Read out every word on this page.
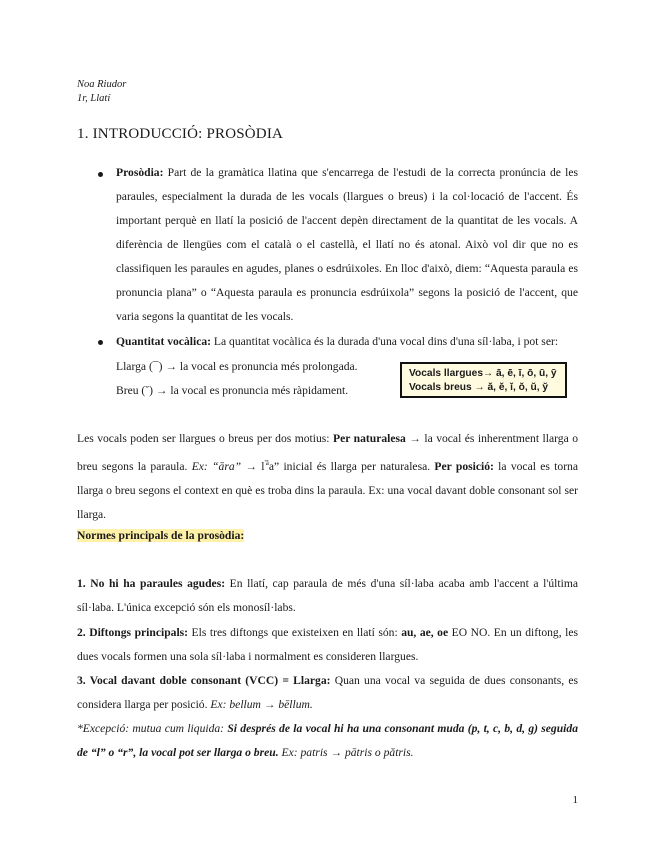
Noa Riudor
1r, Llatí
1. INTRODUCCIÓ: PROSÒDIA
Prosòdia: Part de la gramàtica llatina que s'encarrega de l'estudi de la correcta pronúncia de les paraules, especialment la durada de les vocals (llargues o breus) i la col·locació de l'accent. És important perquè en llatí la posició de l'accent depèn directament de la quantitat de les vocals. A diferència de llengües com el català o el castellà, el llatí no és atonal. Això vol dir que no es classifiquen les paraules en agudes, planes o esdrúixoles. En lloc d'això, diem: “Aquesta paraula es pronuncia plana” o “Aquesta paraula es pronuncia esdrúixola” segons la posició de l'accent, que varia segons la quantitat de les vocals.
Quantitat vocàlica: La quantitat vocàlica és la durada d'una vocal dins d'una síl·laba, i pot ser:
Llarga (¯) → la vocal es pronuncia més prolongada.
Breu (˘) → la vocal es pronuncia més ràpidament.
Vocals llargues→ ā, ē, ī, ō, ū, ȳ
Vocals breus → ă, ĕ, ĭ, ŏ, ŭ, y̆
Les vocals poden ser llargues o breus per dos motius: Per naturalesa → la vocal és inherentment llarga o breu segons la paraula. Ex: “āra” → $l^{'ā}a$” inicial és llarga per naturalesa. Per posició: la vocal es torna llarga o breu segons el context en què es troba dins la paraula. Ex: una vocal davant doble consonant sol ser llarga.
Normes principals de la prosòdia:
1. No hi ha paraules agudes: En llatí, cap paraula de més d'una síl·laba acaba amb l'accent a l'última síl·laba. L'única excepció són els monosíl·labs.
2. Diftongs principals: Els tres diftongs que existeixen en llatí són: au, ae, oe EO NO. En un diftong, les dues vocals formen una sola síl·laba i normalment es consideren llargues.
3. Vocal davant doble consonant (VCC) = Llarga: Quan una vocal va seguida de dues consonants, es considera llarga per posició. Ex: bellum → bēllum.
*Excepció: mutua cum liquida: Si després de la vocal hi ha una consonant muda (p, t, c, b, d, g) seguida de “l” o “r”, la vocal pot ser llarga o breu. Ex: patris → pātris o pătris.
1
